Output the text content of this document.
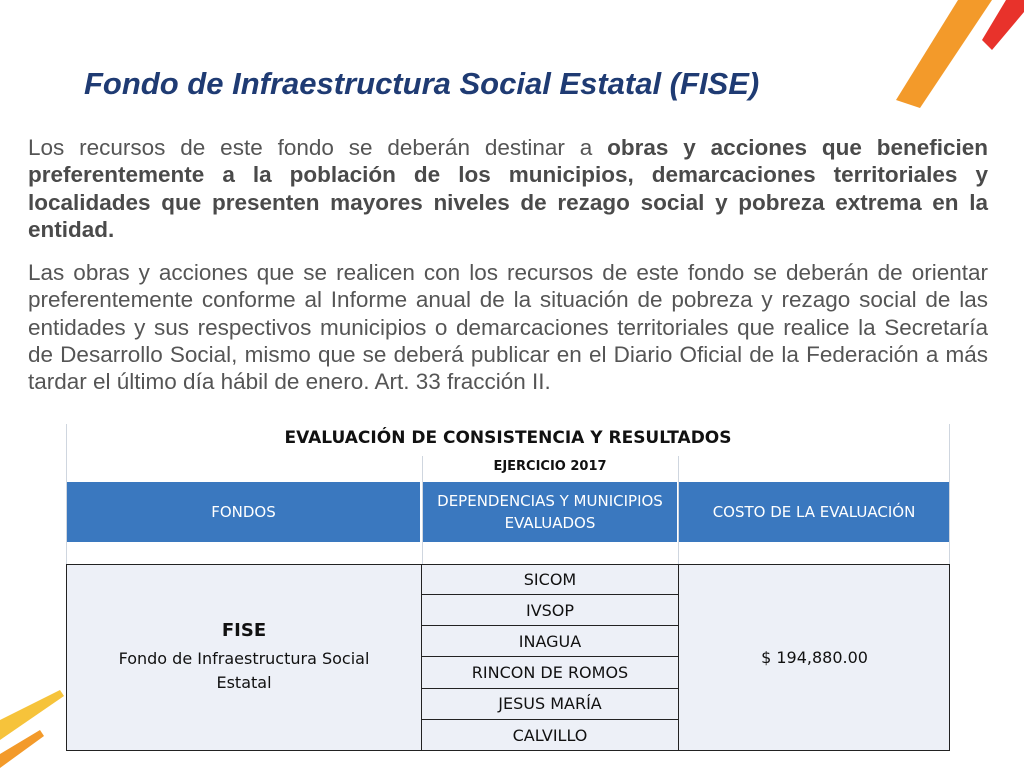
Fondo de Infraestructura Social Estatal (FISE)

Los recursos de este fondo se deberán destinar a obras y acciones que beneficien preferentemente a la población de los municipios, demarcaciones territoriales y localidades que presenten mayores niveles de rezago social y pobreza extrema en la entidad.

Las obras y acciones que se realicen con los recursos de este fondo se deberán de orientar preferentemente conforme al Informe anual de la situación de pobreza y rezago social de las entidades y sus respectivos municipios o demarcaciones territoriales que realice la Secretaría de Desarrollo Social, mismo que se deberá publicar en el Diario Oficial de la Federación a más tardar el último día hábil de enero. Art. 33 fracción II.

EVALUACIÓN DE CONSISTENCIA Y RESULTADOS
EJERCICIO 2017
FONDOS
DEPENDENCIAS Y MUNICIPIOS EVALUADOS
COSTO DE LA EVALUACIÓN
FISE
Fondo de Infraestructura Social Estatal
SICOM
IVSOP
INAGUA
RINCON DE ROMOS
JESUS MARÍA
CALVILLO
$ 194,880.00
